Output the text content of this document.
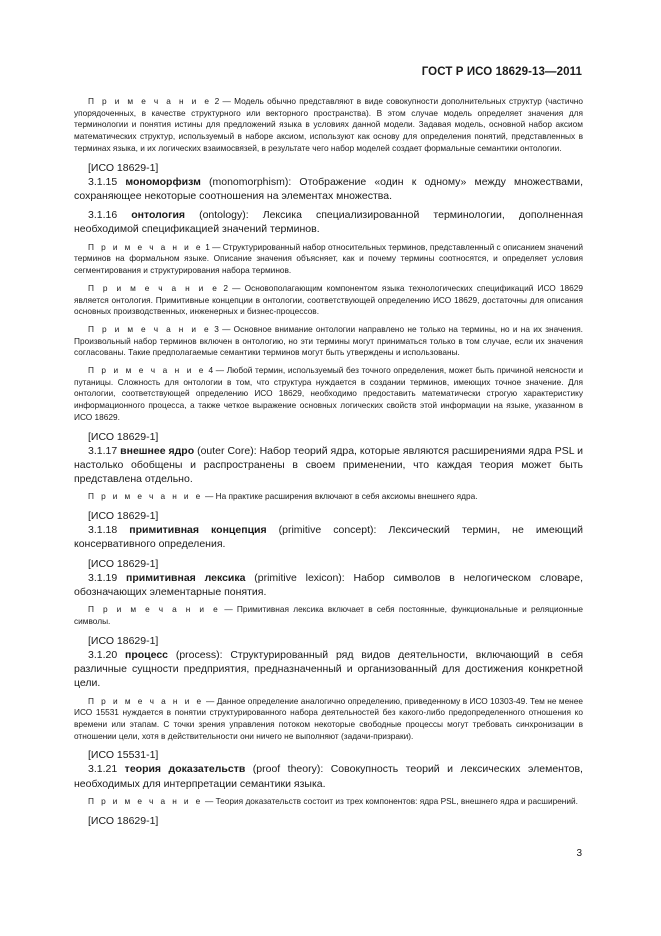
ГОСТ Р ИСО 18629-13—2011

П р и м е ч а н и е 2 — Модель обычно представляют в виде совокупности дополнительных структур (частично упорядоченных, в качестве структурного или векторного пространства). В этом случае модель определяет значения для терминологии и понятия истины для предложений языка в условиях данной модели. Задавая модель, основной набор аксиом математических структур, используемый в наборе аксиом, используют как основу для определения понятий, представленных в терминах языка, и их логических взаимосвязей, в результате чего набор моделей создает формальные семантики онтологии.

[ИСО 18629-1]

3.1.15 мономорфизм (monomorphism): Отображение «один к одному» между множествами, сохраняющее некоторые соотношения на элементах множества.

3.1.16 онтология (ontology): Лексика специализированной терминологии, дополненная необходимой спецификацией значений терминов.

П р и м е ч а н и е 1 — Структурированный набор относительных терминов, представленный с описанием значений терминов на формальном языке. Описание значения объясняет, как и почему термины соотносятся, и определяет условия сегментирования и структурирования набора терминов.

П р и м е ч а н и е 2 — Основополагающим компонентом языка технологических спецификаций ИСО 18629 является онтология. Примитивные концепции в онтологии, соответствующей определению ИСО 18629, достаточны для описания основных производственных, инженерных и бизнес-процессов.

П р и м е ч а н и е 3 — Основное внимание онтологии направлено не только на термины, но и на их значения. Произвольный набор терминов включен в онтологию, но эти термины могут приниматься только в том случае, если их значения согласованы. Такие предполагаемые семантики терминов могут быть утверждены и использованы.

П р и м е ч а н и е 4 — Любой термин, используемый без точного определения, может быть причиной неясности и путаницы. Сложность для онтологии в том, что структура нуждается в создании терминов, имеющих точное значение. Для онтологии, соответствующей определению ИСО 18629, необходимо предоставить математически строгую характеристику информационного процесса, а также четкое выражение основных логических свойств этой информации на языке, указанном в ИСО 18629.

[ИСО 18629-1]

3.1.17 внешнее ядро (outer Core): Набор теорий ядра, которые являются расширениями ядра PSL и настолько обобщены и распространены в своем применении, что каждая теория может быть представлена отдельно.

П р и м е ч а н и е — На практике расширения включают в себя аксиомы внешнего ядра.

[ИСО 18629-1]

3.1.18 примитивная концепция (primitive concept): Лексический термин, не имеющий консервативного определения.

[ИСО 18629-1]

3.1.19 примитивная лексика (primitive lexicon): Набор символов в нелогическом словаре, обозначающих элементарные понятия.

П р и м е ч а н и е — Примитивная лексика включает в себя постоянные, функциональные и реляционные символы.

[ИСО 18629-1]

3.1.20 процесс (process): Структурированный ряд видов деятельности, включающий в себя различные сущности предприятия, предназначенный и организованный для достижения конкретной цели.

П р и м е ч а н и е — Данное определение аналогично определению, приведенному в ИСО 10303-49. Тем не менее ИСО 15531 нуждается в понятии структурированного набора деятельностей без какого-либо предопределенного отношения ко времени или этапам. С точки зрения управления потоком некоторые свободные процессы могут требовать синхронизации в отношении цели, хотя в действительности они ничего не выполняют (задачи-призраки).

[ИСО 15531-1]

3.1.21 теория доказательств (proof theory): Совокупность теорий и лексических элементов, необходимых для интерпретации семантики языка.

П р и м е ч а н и е — Теория доказательств состоит из трех компонентов: ядра PSL, внешнего ядра и расширений.

[ИСО 18629-1]

3
